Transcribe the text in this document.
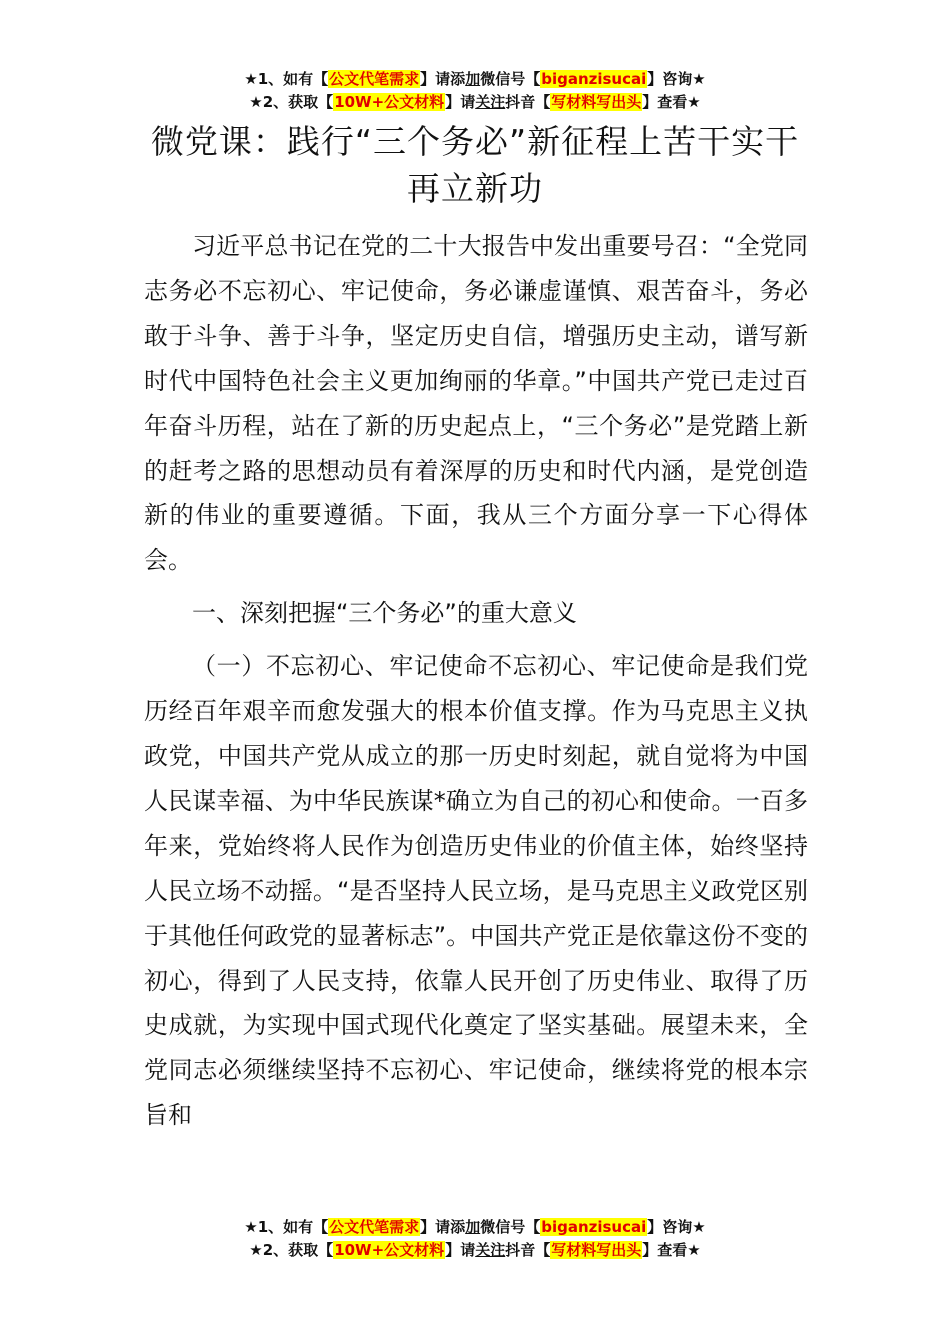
★1、如有【公文代笔需求】请添加微信号【biganzisucai】咨询★
★2、获取【10W+公文材料】请关注抖音【写材料写出头】查看★
微党课：践行“三个务必”新征程上苦干实干再立新功

习近平总书记在党的二十大报告中发出重要号召：“全党同志务必不忘初心、牢记使命，务必谦虚谨慎、艰苦奋斗，务必敢于斗争、善于斗争，坚定历史自信，增强历史主动，谱写新时代中国特色社会主义更加绚丽的华章。”中国共产党已走过百年奋斗历程，站在了新的历史起点上，“三个务必”是党踏上新的赶考之路的思想动员有着深厚的历史和时代内涵，是党创造新的伟业的重要遵循。下面，我从三个方面分享一下心得体会。

一、深刻把握“三个务必”的重大意义

（一）不忘初心、牢记使命不忘初心、牢记使命是我们党历经百年艰辛而愈发强大的根本价值支撑。作为马克思主义执政党，中国共产党从成立的那一历史时刻起，就自觉将为中国人民谋幸福、为中华民族谋*确立为自己的初心和使命。一百多年来，党始终将人民作为创造历史伟业的价值主体，始终坚持人民立场不动摇。“是否坚持人民立场，是马克思主义政党区别于其他任何政党的显著标志”。中国共产党正是依靠这份不变的初心，得到了人民支持，依靠人民开创了历史伟业、取得了历史成就，为实现中国式现代化奠定了坚实基础。展望未来，全党同志必须继续坚持不忘初心、牢记使命，继续将党的根本宗旨和

★1、如有【公文代笔需求】请添加微信号【biganzisucai】咨询★
★2、获取【10W+公文材料】请关注抖音【写材料写出头】查看★
